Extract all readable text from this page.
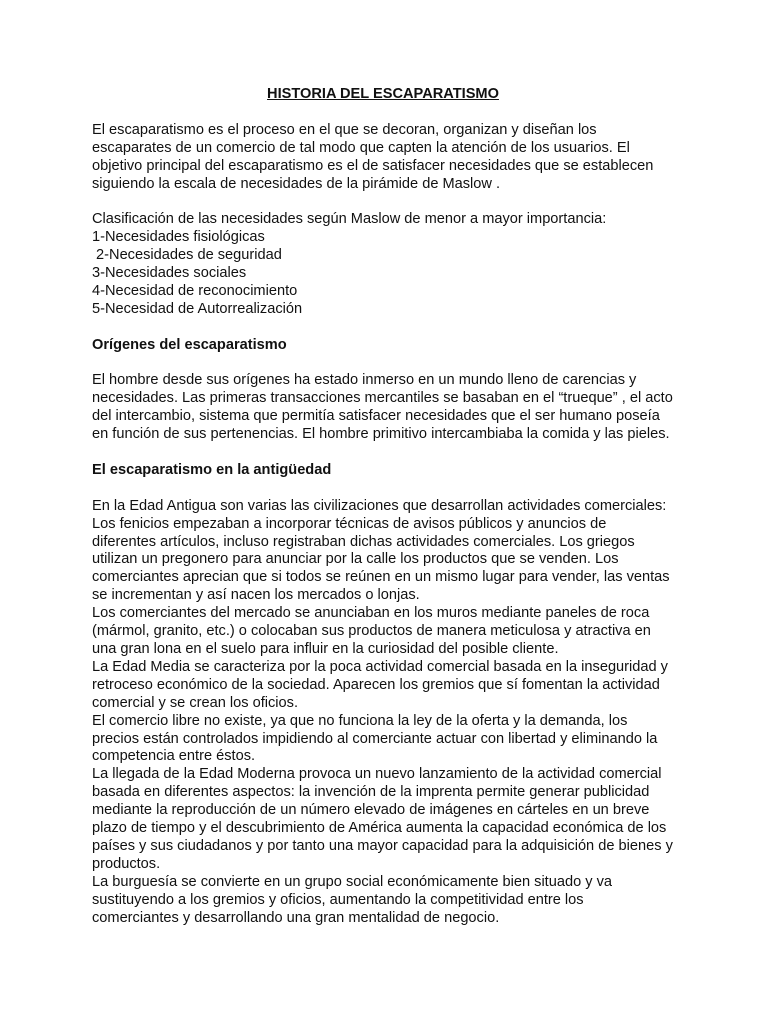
HISTORIA DEL ESCAPARATISMO

El escaparatismo es el proceso en el que se decoran, organizan y diseñan los escaparates de un comercio de tal modo que capten la atención de los usuarios. El objetivo principal del escaparatismo es el de satisfacer necesidades que se establecen siguiendo la escala de necesidades de la pirámide de Maslow .

Clasificación de las necesidades según Maslow de menor a mayor importancia:

1-Necesidades fisiológicas
2-Necesidades de seguridad
3-Necesidades sociales
4-Necesidad de reconocimiento
5-Necesidad de Autorrealización

Orígenes del escaparatismo

El hombre desde sus orígenes ha estado inmerso en un mundo lleno de carencias y necesidades. Las primeras transacciones mercantiles se basaban en el “trueque” , el acto del intercambio, sistema que permitía satisfacer necesidades que el ser humano poseía en función de sus pertenencias. El hombre primitivo intercambiaba la comida y las pieles.

El escaparatismo en la antigüedad

En la Edad Antigua son varias las civilizaciones que desarrollan actividades comerciales: Los fenicios empezaban a incorporar técnicas de avisos públicos y anuncios de diferentes artículos, incluso registraban dichas actividades comerciales. Los griegos utilizan un pregonero para anunciar por la calle los productos que se venden. Los comerciantes aprecian que si todos se reúnen en un mismo lugar para vender, las ventas se incrementan y así nacen los mercados o lonjas.

Los comerciantes del mercado se anunciaban en los muros mediante paneles de roca (mármol, granito, etc.) o colocaban sus productos de manera meticulosa y atractiva en una gran lona en el suelo para influir en la curiosidad del posible cliente.

La Edad Media se caracteriza por la poca actividad comercial basada en la inseguridad y retroceso económico de la sociedad. Aparecen los gremios que sí fomentan la actividad comercial y se crean los oficios.

El comercio libre no existe, ya que no funciona la ley de la oferta y la demanda, los precios están controlados impidiendo al comerciante actuar con libertad y eliminando la competencia entre éstos.

La llegada de la Edad Moderna provoca un nuevo lanzamiento de la actividad comercial basada en diferentes aspectos: la invención de la imprenta permite generar publicidad mediante la reproducción de un número elevado de imágenes en cárteles en un breve plazo de tiempo y el descubrimiento de América aumenta la capacidad económica de los países y sus ciudadanos y por tanto una mayor capacidad para la adquisición de bienes y productos.

La burguesía se convierte en un grupo social económicamente bien situado y va sustituyendo a los gremios y oficios, aumentando la competitividad entre los comerciantes y desarrollando una gran mentalidad de negocio.
